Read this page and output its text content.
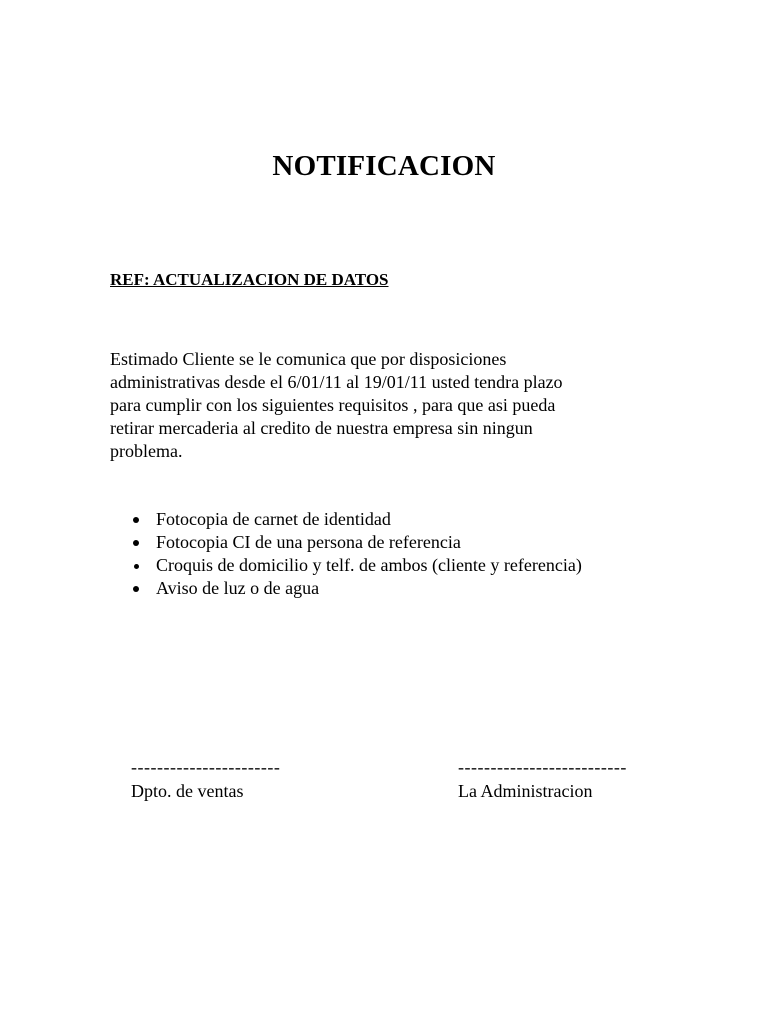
NOTIFICACION
REF: ACTUALIZACION DE DATOS
Estimado Cliente se le comunica que por disposiciones
administrativas desde el 6/01/11 al 19/01/11 usted tendra plazo
para cumplir con los siguientes requisitos , para que asi pueda
retirar mercaderia al credito de nuestra empresa sin ningun
problema.
Fotocopia de carnet de identidad
Fotocopia CI de una persona de referencia
Croquis de domicilio y telf. de ambos (cliente y referencia)
Aviso de luz o de agua
-----------------------
Dpto. de ventas
--------------------------
La Administracion
